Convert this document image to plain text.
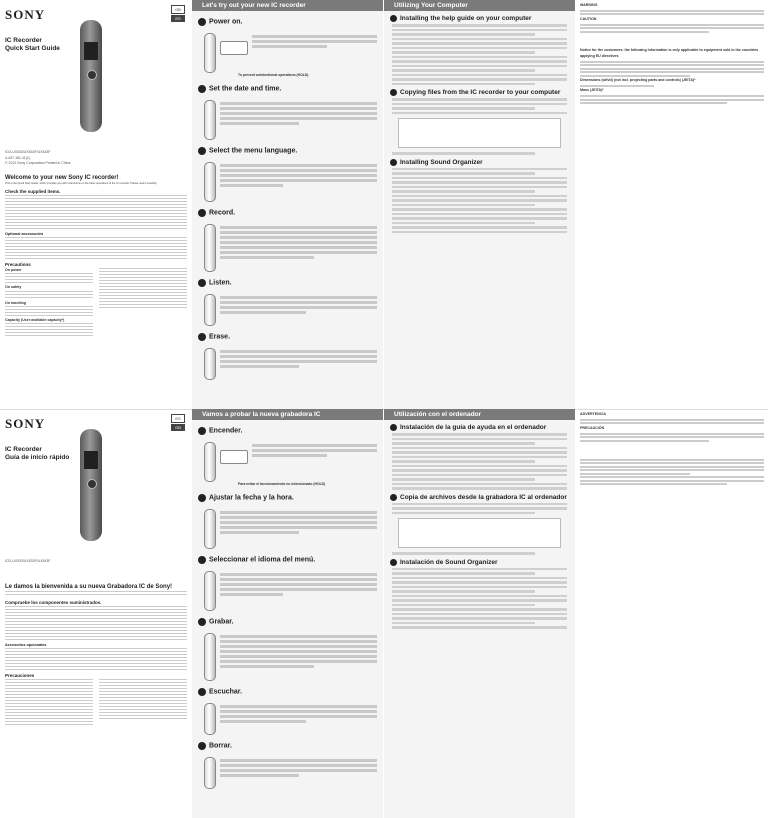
SONY	GB
ES
IC Recorder
Quick Start Guide
ICD-UX533/UX533F/UX543F
4-437-181-11(1)
© 2012 Sony Corporation Printed in China
Welcome to your new Sony IC recorder!
This is the Quick Start Guide, which provides you with instructions on the basic operations of the IC recorder. Please read it carefully.
Check the supplied items.
Optional accessories
Precautions
On power
On safety
On handling
Capacity (User available capacity*)
Let's try out your new IC recorder
Power on.
To prevent unintentional operations (HOLD)
Set the date and time.
Select the menu language.
Record.
Listen.
Erase.
Utilizing Your Computer
Installing the help guide on your computer
Copying files from the IC recorder to your computer
Installing Sound Organizer
WARNING
CAUTION
Notice for the customers: the following information is only applicable to equipment sold in the countries applying EU directives
Dimensions (w/h/d) (not incl. projecting parts and controls) (JEITA)*
Mass (JEITA)*
SONY	ES
GB
IC Recorder
Guía de inicio rápido
ICD-UX533/UX533F/UX543F
Le damos la bienvenida a su nueva Grabadora IC de Sony!
Compruebe los componentes suministrados.
Accesorios opcionales
Precauciones
Vamos a probar la nueva grabadora IC
Encender.
Para evitar el funcionamiento no intencionado (HOLD)
Ajustar la fecha y la hora.
Seleccionar el idioma del menú.
Grabar.
Escuchar.
Borrar.
Utilización con el ordenador
Instalación de la guía de ayuda en el ordenador
Copia de archivos desde la grabadora IC al ordenador
Instalación de Sound Organizer
ADVERTENCIA
PRECAUCIÓN
